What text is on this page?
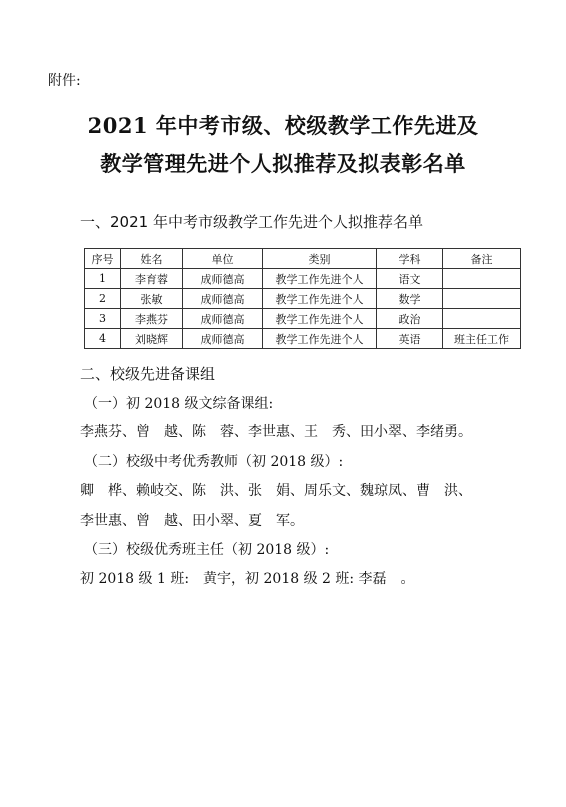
附件:
2021 年中考市级、校级教学工作先进及
教学管理先进个人拟推荐及拟表彰名单
一、2021 年中考市级教学工作先进个人拟推荐名单
序号	姓名	单位	类别	学科	备注
1	李育蓉	成师德高	教学工作先进个人	语文	
2	张敏	成师德高	教学工作先进个人	数学	
3	李燕芬	成师德高	教学工作先进个人	政治	
4	刘晓辉	成师德高	教学工作先进个人	英语	班主任工作
二、校级先进备课组
（一）初 2018 级文综备课组:
李燕芬、曾　越、陈　蓉、李世惠、王　秀、田小翠、李绪勇。
（二）校级中考优秀教师（初 2018 级）:
卿　桦、赖岐交、陈　洪、张　娟、周乐文、魏琼凤、曹　洪、
李世惠、曾　越、田小翠、夏　军。
（三）校级优秀班主任（初 2018 级）:
初 2018 级 1 班:　黄宇，初 2018 级 2 班: 李磊　。
